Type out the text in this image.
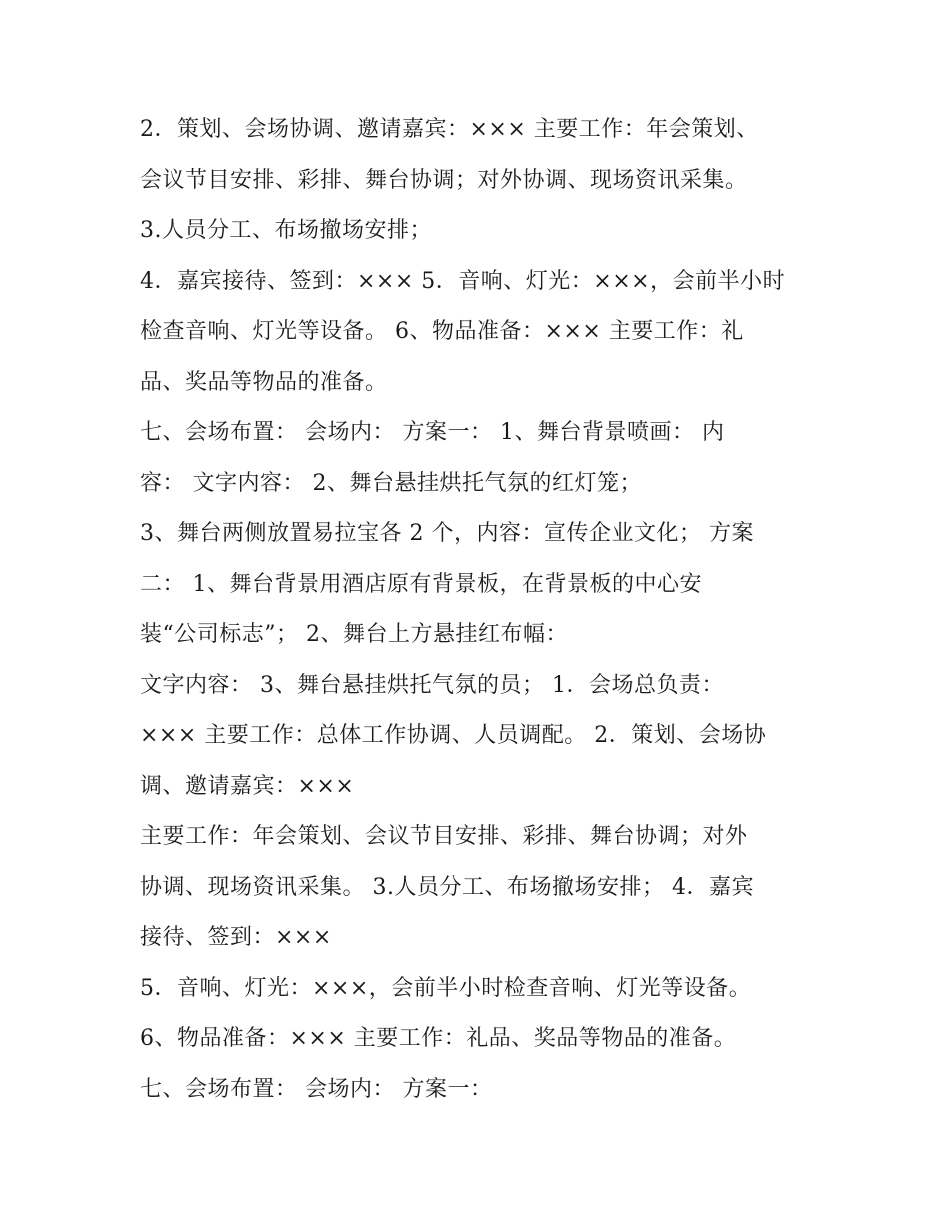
2．策划、会场协调、邀请嘉宾：××× 主要工作：年会策划、
会议节目安排、彩排、舞台协调；对外协调、现场资讯采集。
3.人员分工、布场撤场安排；
4．嘉宾接待、签到：××× 5．音响、灯光：×××，会前半小时
检查音响、灯光等设备。 6、物品准备：××× 主要工作：礼
品、奖品等物品的准备。
七、会场布置： 会场内： 方案一： 1、舞台背景喷画： 内
容： 文字内容： 2、舞台悬挂烘托气氛的红灯笼；
3、舞台两侧放置易拉宝各 2 个，内容：宣传企业文化； 方案
二： 1、舞台背景用酒店原有背景板，在背景板的中心安
装“公司标志”； 2、舞台上方悬挂红布幅：
文字内容： 3、舞台悬挂烘托气氛的员； 1．会场总负责：
××× 主要工作：总体工作协调、人员调配。 2．策划、会场协
调、邀请嘉宾：×××
主要工作：年会策划、会议节目安排、彩排、舞台协调；对外
协调、现场资讯采集。 3.人员分工、布场撤场安排； 4．嘉宾
接待、签到：×××
5．音响、灯光：×××，会前半小时检查音响、灯光等设备。
6、物品准备：××× 主要工作：礼品、奖品等物品的准备。
七、会场布置： 会场内： 方案一：
